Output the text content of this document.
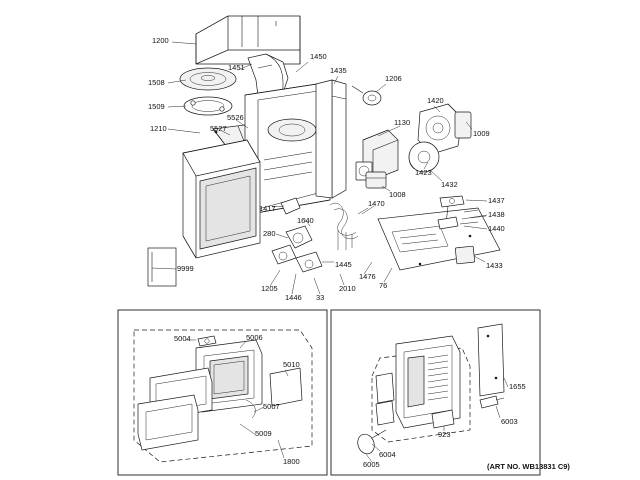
1200
1508
1509
1210
1451
1450
1435
1206
5526
5527
1420
1130
1009
1423
1432
1008
1417
1640
1470	1437
1438
1440
280
1445
1476
76
2010
33
1446
1205
1433
9999
5004	5006
5010
5007
5009
1800
1655
6003
923
6004
6005	(ART NO. WB13831 C9)
